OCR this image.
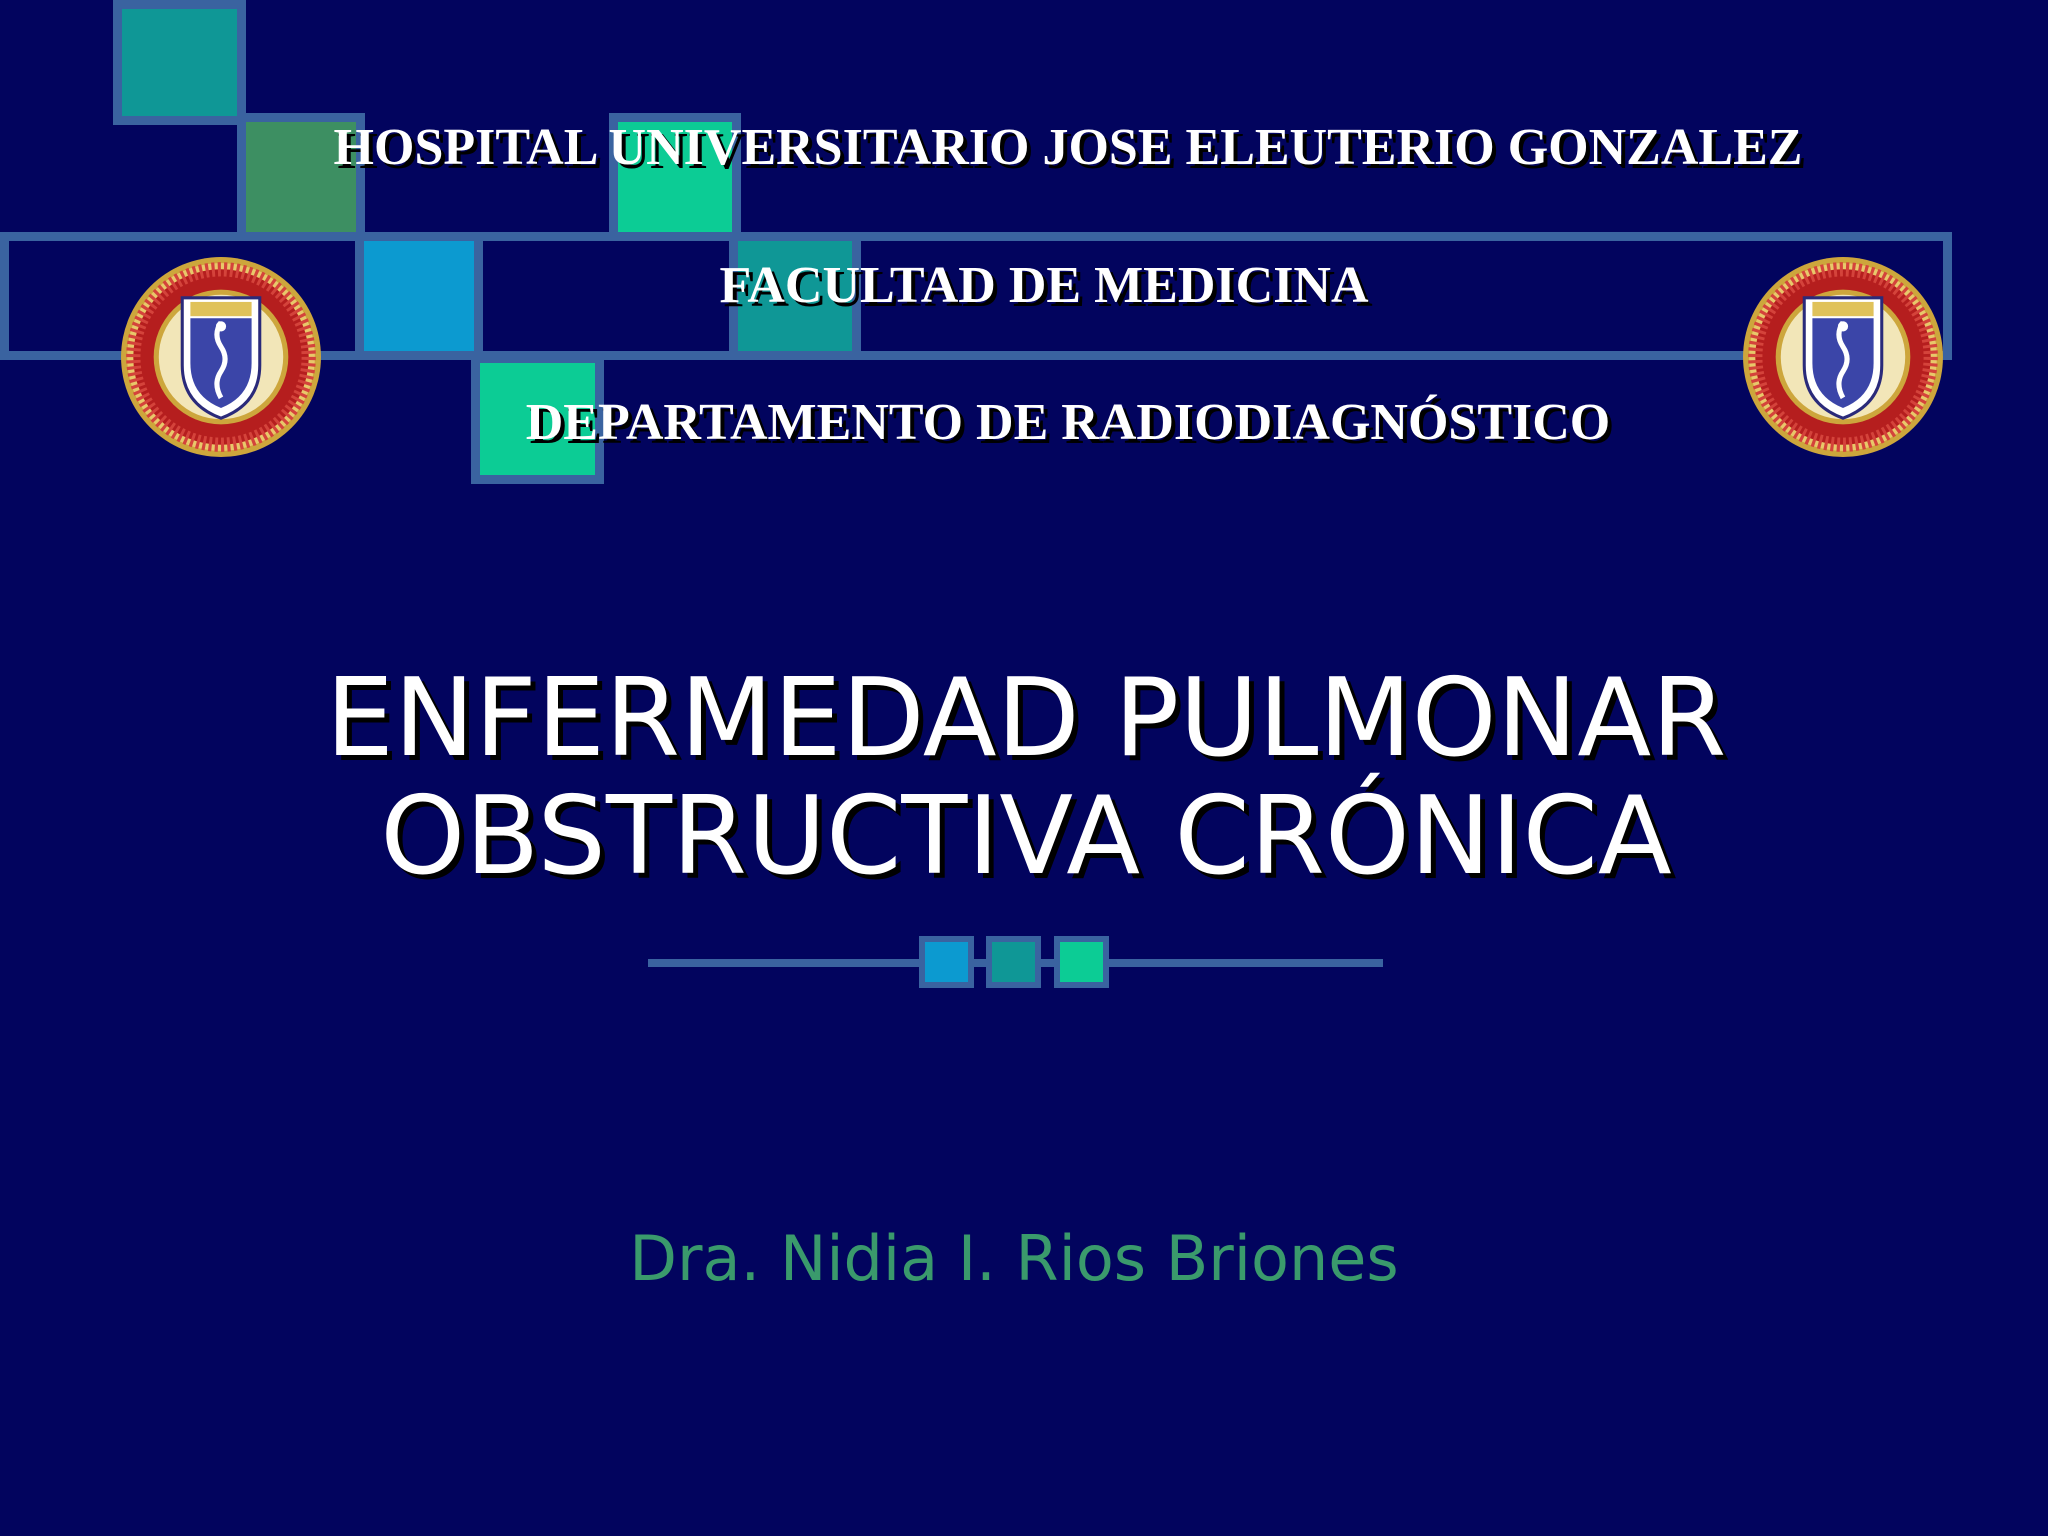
HOSPITAL UNIVERSITARIO JOSE ELEUTERIO GONZALEZ
FACULTAD DE MEDICINA
DEPARTAMENTO DE RADIODIAGNÓSTICO
ENFERMEDAD PULMONAR
OBSTRUCTIVA CRÓNICA
Dra. Nidia I. Rios Briones
